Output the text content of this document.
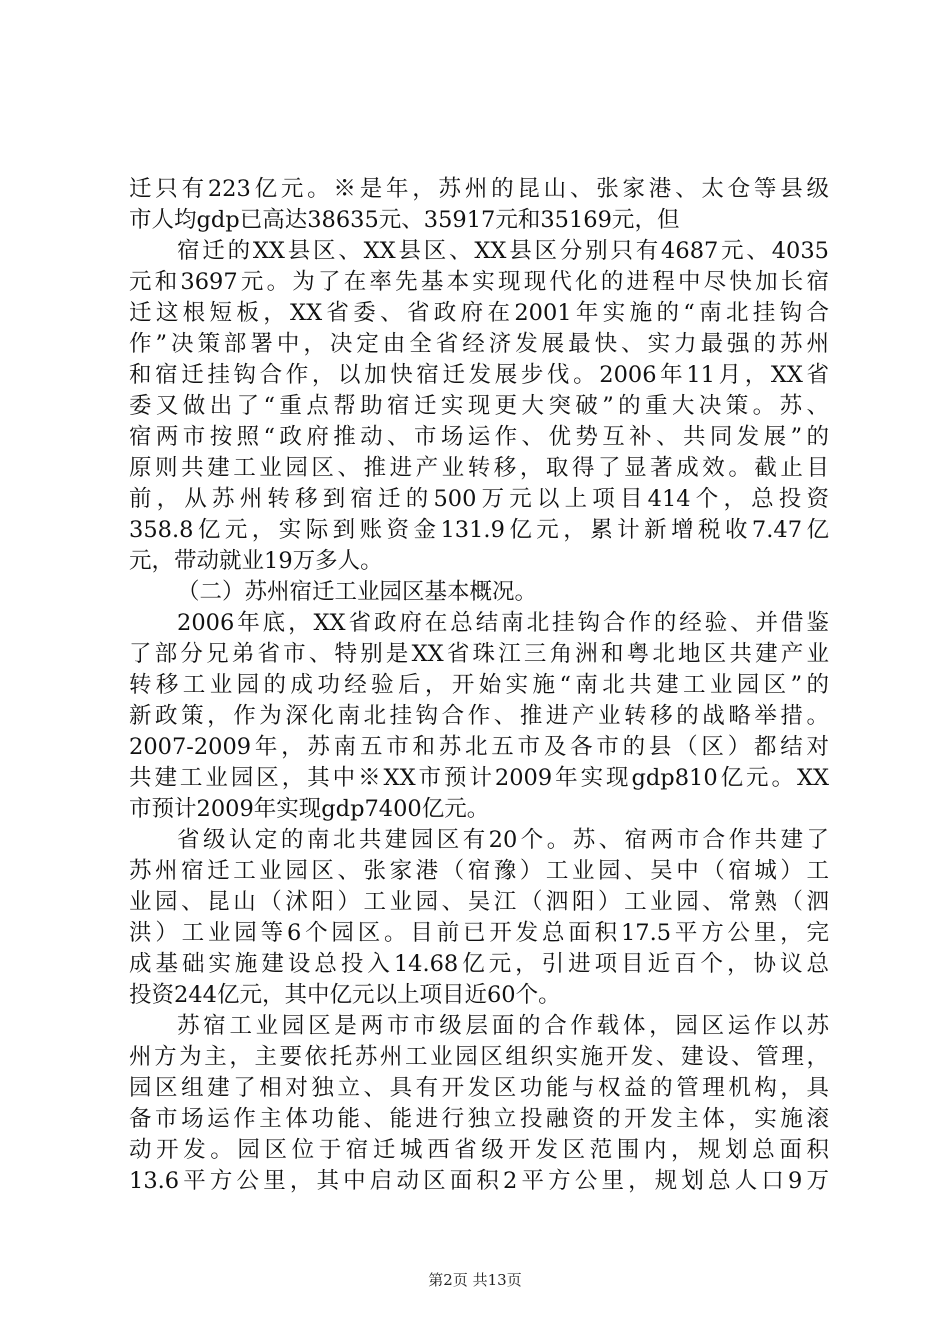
迁只有223亿元。※是年，苏州的昆山、张家港、太仓等县级
市人均gdp已高达38635元、35917元和35169元，但
宿迁的XX县区、XX县区、XX县区分别只有4687元、4035
元和3697元。为了在率先基本实现现代化的进程中尽快加长宿
迁这根短板，XX省委、省政府在2001年实施的“南北挂钩合
作”决策部署中，决定由全省经济发展最快、实力最强的苏州
和宿迁挂钩合作，以加快宿迁发展步伐。2006年11月，XX省
委又做出了“重点帮助宿迁实现更大突破”的重大决策。苏、
宿两市按照“政府推动、市场运作、优势互补、共同发展”的
原则共建工业园区、推进产业转移，取得了显著成效。截止目
前，从苏州转移到宿迁的500万元以上项目414个，总投资
358.8亿元，实际到账资金131.9亿元，累计新增税收7.47亿
元，带动就业19万多人。
（二）苏州宿迁工业园区基本概况。
2006年底，XX省政府在总结南北挂钩合作的经验、并借鉴
了部分兄弟省市、特别是XX省珠江三角洲和粤北地区共建产业
转移工业园的成功经验后，开始实施“南北共建工业园区”的
新政策，作为深化南北挂钩合作、推进产业转移的战略举措。
2007-2009年，苏南五市和苏北五市及各市的县（区）都结对
共建工业园区，其中※XX市预计2009年实现gdp810亿元。XX
市预计2009年实现gdp7400亿元。
省级认定的南北共建园区有20个。苏、宿两市合作共建了
苏州宿迁工业园区、张家港（宿豫）工业园、吴中（宿城）工
业园、昆山（沭阳）工业园、吴江（泗阳）工业园、常熟（泗
洪）工业园等6个园区。目前已开发总面积17.5平方公里，完
成基础实施建设总投入14.68亿元，引进项目近百个，协议总
投资244亿元，其中亿元以上项目近60个。
苏宿工业园区是两市市级层面的合作载体，园区运作以苏
州方为主，主要依托苏州工业园区组织实施开发、建设、管理，
园区组建了相对独立、具有开发区功能与权益的管理机构，具
备市场运作主体功能、能进行独立投融资的开发主体，实施滚
动开发。园区位于宿迁城西省级开发区范围内，规划总面积
13.6平方公里，其中启动区面积2平方公里，规划总人口9万
第2页 共13页
